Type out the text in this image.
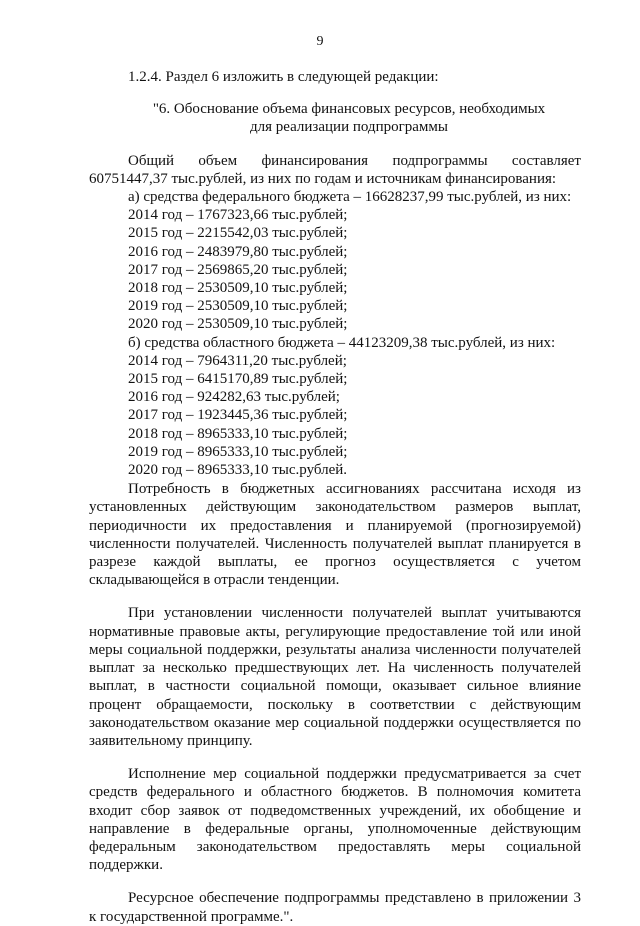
9

1.2.4. Раздел 6 изложить в следующей редакции:

"6. Обоснование объема финансовых ресурсов, необходимых
для реализации подпрограммы

Общий объем финансирования подпрограммы составляет
60751447,37 тыс.рублей, из них по годам и источникам финансирования:

а) средства федерального бюджета – 16628237,99 тыс.рублей, из них:

2014 год – 1767323,66 тыс.рублей;

2015 год – 2215542,03 тыс.рублей;

2016 год – 2483979,80 тыс.рублей;

2017 год – 2569865,20 тыс.рублей;

2018 год – 2530509,10 тыс.рублей;

2019 год – 2530509,10 тыс.рублей;

2020 год – 2530509,10 тыс.рублей;

б) средства областного бюджета – 44123209,38 тыс.рублей, из них:

2014 год – 7964311,20 тыс.рублей;

2015 год – 6415170,89 тыс.рублей;

2016 год – 924282,63 тыс.рублей;

2017 год – 1923445,36 тыс.рублей;

2018 год – 8965333,10 тыс.рублей;

2019 год – 8965333,10 тыс.рублей;

2020 год – 8965333,10 тыс.рублей.

Потребность в бюджетных ассигнованиях рассчитана исходя из установленных действующим законодательством размеров выплат, периодичности их предоставления и планируемой (прогнозируемой) численности получателей. Численность получателей выплат планируется в разрезе каждой выплаты, ее прогноз осуществляется с учетом складывающейся в отрасли тенденции.

При установлении численности получателей выплат учитываются нормативные правовые акты, регулирующие предоставление той или иной меры социальной поддержки, результаты анализа численности получателей выплат за несколько предшествующих лет. На численность получателей выплат, в частности социальной помощи, оказывает сильное влияние процент обращаемости, поскольку в соответствии с действующим законодательством оказание мер социальной поддержки осуществляется по заявительному принципу.

Исполнение мер социальной поддержки предусматривается за счет средств федерального и областного бюджетов. В полномочия комитета входит сбор заявок от подведомственных учреждений, их обобщение и направление в федеральные органы, уполномоченные действующим федеральным законодательством предоставлять меры социальной поддержки.

Ресурсное обеспечение подпрограммы представлено в приложении 3 к государственной программе.".
